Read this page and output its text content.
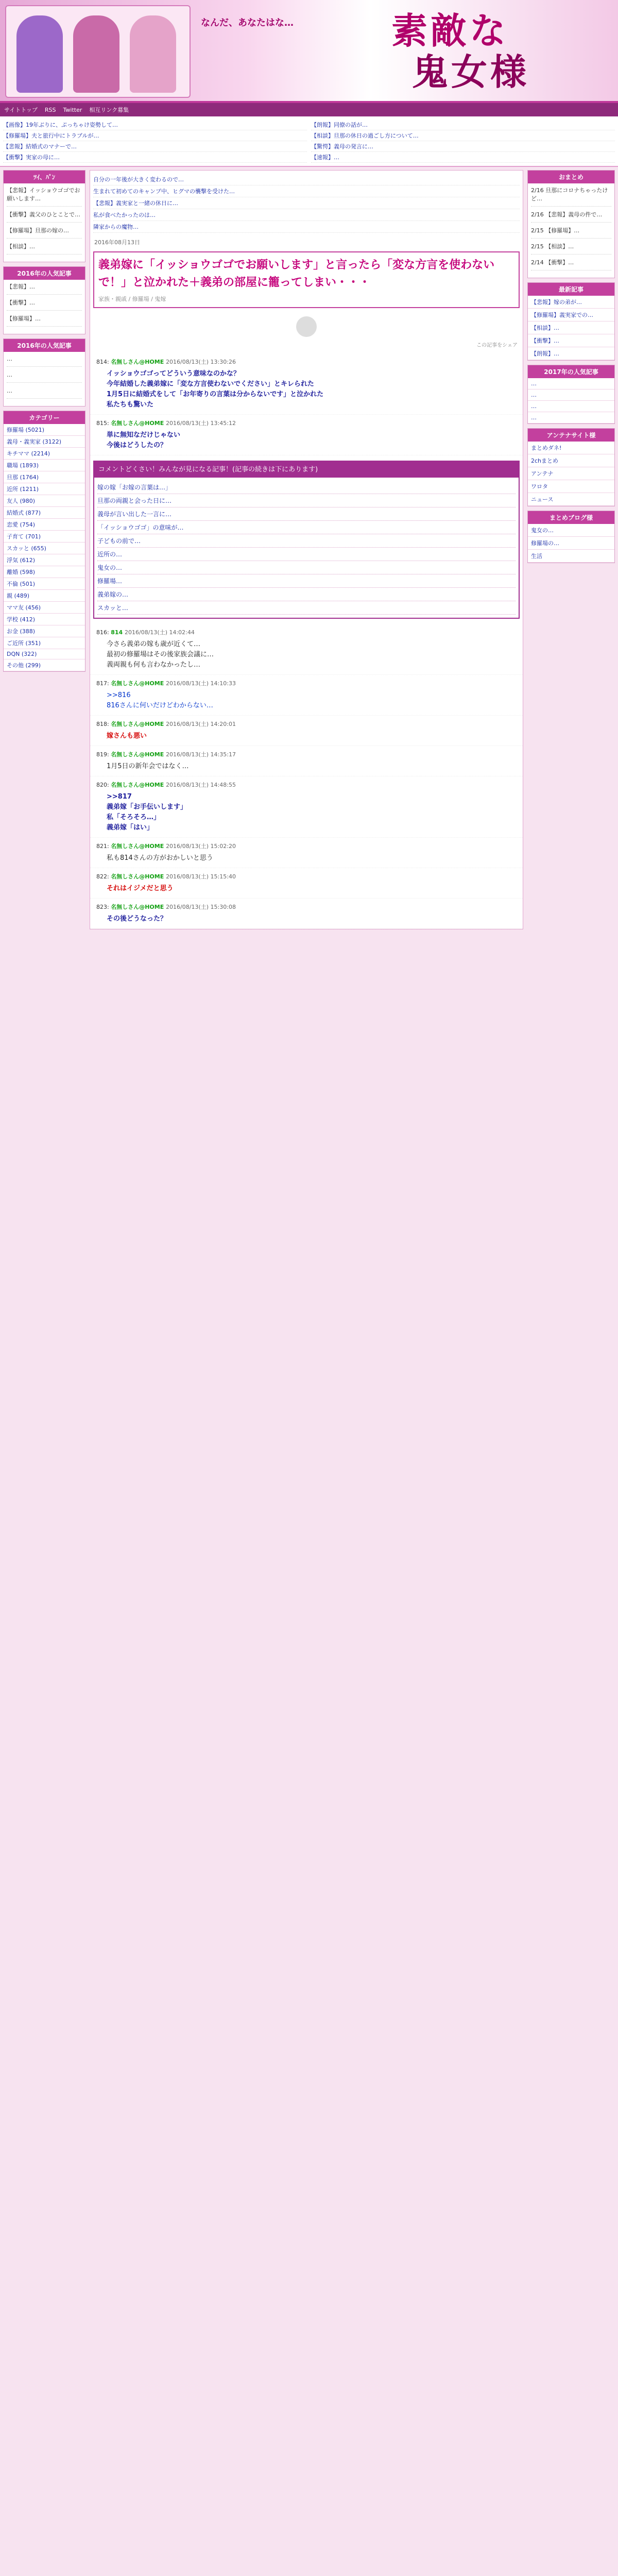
なんだ、あなたはな…	素敵な
鬼女様
サイトトップ RSS Twitter 相互リンク募集
【画像】19年ぶりに、ぷっちゃけ姿勢して…
【修羅場】夫と旅行中にトラブルが…
【悲報】結婚式のマナーで…
【衝撃】実家の母に…
【朗報】同僚の話が…
【相談】旦那の休日の過ごし方について…
【驚愕】義母の発言に…
【速報】…
ﾂｲ、ﾊﾟﾝ

【悲報】イッショウゴゴでお願いします…

【衝撃】義父のひとことで…

【修羅場】旦那の嫁の…

【相談】…

2016年の人気記事

【悲報】…

【衝撃】…

【修羅場】…

2016年の人気記事

…

…

…

カテゴリー
修羅場 (5021)
義母・義実家 (3122)
キチママ (2214)
職場 (1893)
旦那 (1764)
近所 (1211)
友人 (980)
結婚式 (877)
恋愛 (754)
子育て (701)
スカッと (655)
浮気 (612)
離婚 (598)
不倫 (501)
親 (489)
ママ友 (456)
学校 (412)
お金 (388)
ご近所 (351)
DQN (322)
その他 (299)
自分の一年後が大きく変わるので…
生まれて初めてのキャンプ中、ヒグマの襲撃を受けた…
【悲報】義実家と一緒の休日に…
私が食べたかったのは…
隣家からの魔物…
2016年08月13日
義弟嫁に「イッショウゴゴでお願いします」と言ったら「変な方言を使わないで！」と泣かれた＋義弟の部屋に籠ってしまい・・・
家族・親戚 / 修羅場 / 鬼嫁
この記事をシェア
814: 名無しさん@HOME 2016/08/13(土) 13:30:26
イッショウゴゴってどういう意味なのかな？
今年結婚した義弟嫁に「変な方言使わないでください」とキレられた
1月5日に結婚式をして「お年寄りの言葉は分からないです」と泣かれた
私たちも驚いた
815: 名無しさん@HOME 2016/08/13(土) 13:45:12
単に無知なだけじゃない
今後はどうしたの？
コメントどくさい！みんなが見になる記事！(記事の続きは下にあります)
嫁の嫁「お嫁の言葉は…」
旦那の両親と会った日に…
義母が言い出した一言に…
「イッショウゴゴ」の意味が…
子どもの前で…
近所の…
鬼女の…
修羅場…
義弟嫁の…
スカッと…
816: 814 2016/08/13(土) 14:02:44
今さら義弟の嫁も歳が近くて…
最初の修羅場はその後家族会議に…
義両親も何も言わなかったし…
817: 名無しさん@HOME 2016/08/13(土) 14:10:33
>>816
816さんに何いだけどわからない…
818: 名無しさん@HOME 2016/08/13(土) 14:20:01
嫁さんも悪い
819: 名無しさん@HOME 2016/08/13(土) 14:35:17
1月5日の新年会ではなく…
820: 名無しさん@HOME 2016/08/13(土) 14:48:55
>>817
義弟嫁「お手伝いします」
私「そろそろ…」
義弟嫁「はい」
821: 名無しさん@HOME 2016/08/13(土) 15:02:20
私も814さんの方がおかしいと思う
822: 名無しさん@HOME 2016/08/13(土) 15:15:40
それはイジメだと思う
823: 名無しさん@HOME 2016/08/13(土) 15:30:08
その後どうなった？
おまとめ

2/16 旦那にコロナちゃったけど…

2/16 【悲報】義母の件で…

2/15 【修羅場】…

2/15 【相談】…

2/14 【衝撃】…

最新記事
【悲報】嫁の弟が…
【修羅場】義実家での…
【相談】…
【衝撃】…
【朗報】…
2017年の人気記事
…
…
…
…
アンテナサイト様
まとめダネ!
2chまとめ
アンテナ
ワロタ
ニュース
まとめブログ様
鬼女の…
修羅場の…
生活
